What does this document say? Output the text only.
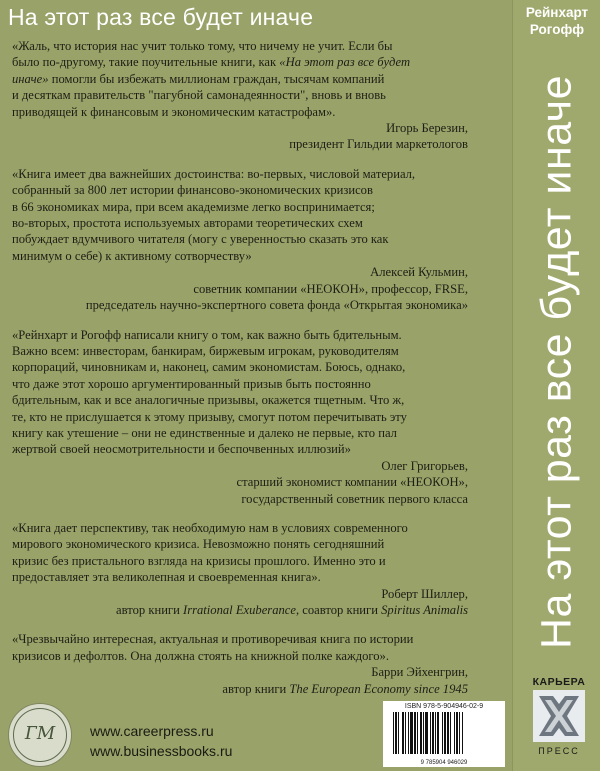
На этот раз все будет иначе

«Жаль, что история нас учит только тому, что ничему не учит. Если бы
было по-другому, такие поучительные книги, как «На этот раз все будет
иначе» помогли бы избежать миллионам граждан, тысячам компаний
и десяткам правительств "пагубной самонадеянности", вновь и вновь
приводящей к финансовым и экономическим катастрофам».

Игорь Березин,
президент Гильдии маркетологов

«Книга имеет два важнейших достоинства: во-первых, числовой материал,
собранный за 800 лет истории финансово-экономических кризисов
в 66 экономиках мира, при всем академизме легко воспринимается;
во-вторых, простота используемых авторами теоретических схем
побуждает вдумчивого читателя (могу с уверенностью сказать это как
минимум о себе) к активному сотворчеству»

Алексей Кульмин,
советник компании «НЕОКОН», профессор, FRSE,
председатель научно-экспертного совета фонда «Открытая экономика»

«Рейнхарт и Рогофф написали книгу о том, как важно быть бдительным.
Важно всем: инвесторам, банкирам, биржевым игрокам, руководителям
корпораций, чиновникам и, наконец, самим экономистам. Боюсь, однако,
что даже этот хорошо аргументированный призыв быть постоянно
бдительным, как и все аналогичные призывы, окажется тщетным. Что ж,
те, кто не прислушается к этому призыву, смогут потом перечитывать эту
книгу как утешение – они не единственные и далеко не первые, кто пал
жертвой своей неосмотрительности и беспочвенных иллюзий»

Олег Григорьев,
старший экономист компании «НЕОКОН»,
государственный советник первого класса

«Книга дает перспективу, так необходимую нам в условиях современного
мирового экономического кризиса. Невозможно понять сегодняшний
кризис без пристального взгляда на кризисы прошлого. Именно это и
предоставляет эта великолепная и своевременная книга».

Роберт Шиллер,
автор книги Irrational Exuberance, соавтор книги Spiritus Animalis

«Чрезвычайно интересная, актуальная и противоречивая книга по истории
кризисов и дефолтов. Она должна стоять на книжной полке каждого».

Барри Эйхенгрин,
автор книги The European Economy since 1945
ГМ	www.careerpress.ru
www.businessbooks.ru
ISBN 978-5-904946-02-9
9 785904 946029
Рейнхарт
Рогофф
На этот раз все будет иначе
КАРЬЕРА
ПРЕСС
